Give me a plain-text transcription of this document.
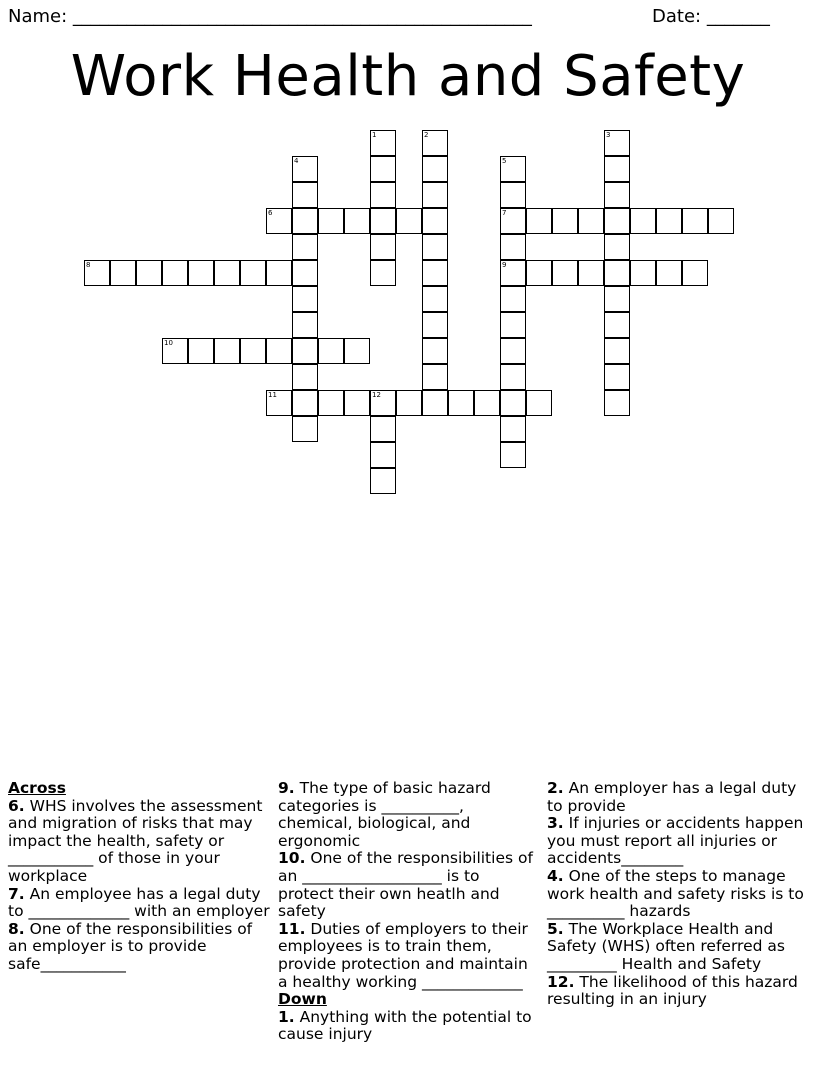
Name: ___________________________________________________	Date: _______
Work Health and Safety
1	2	3
4	5
7
9
6
8
10
11	12

Across

6. WHS involves the assessment and migration of risks that may impact the health, safety or ___________ of those in your workplace

7. An employee has a legal duty to _____________ with an employer

8. One of the responsibilities of an employer is to provide safe___________

9. The type of basic hazard categories is __________, chemical, biological, and ergonomic

10. One of the responsibilities of an __________________ is to protect their own heatlh and safety

11. Duties of employers to their employees is to train them, provide protection and maintain a healthy working _____________

Down

1. Anything with the potential to cause injury

2. An employer has a legal duty to provide

3. If injuries or accidents happen you must report all injuries or accidents________

4. One of the steps to manage work health and safety risks is to __________ hazards

5. The Workplace Health and Safety (WHS) often referred as _________ Health and Safety

12. The likelihood of this hazard resulting in an injury
